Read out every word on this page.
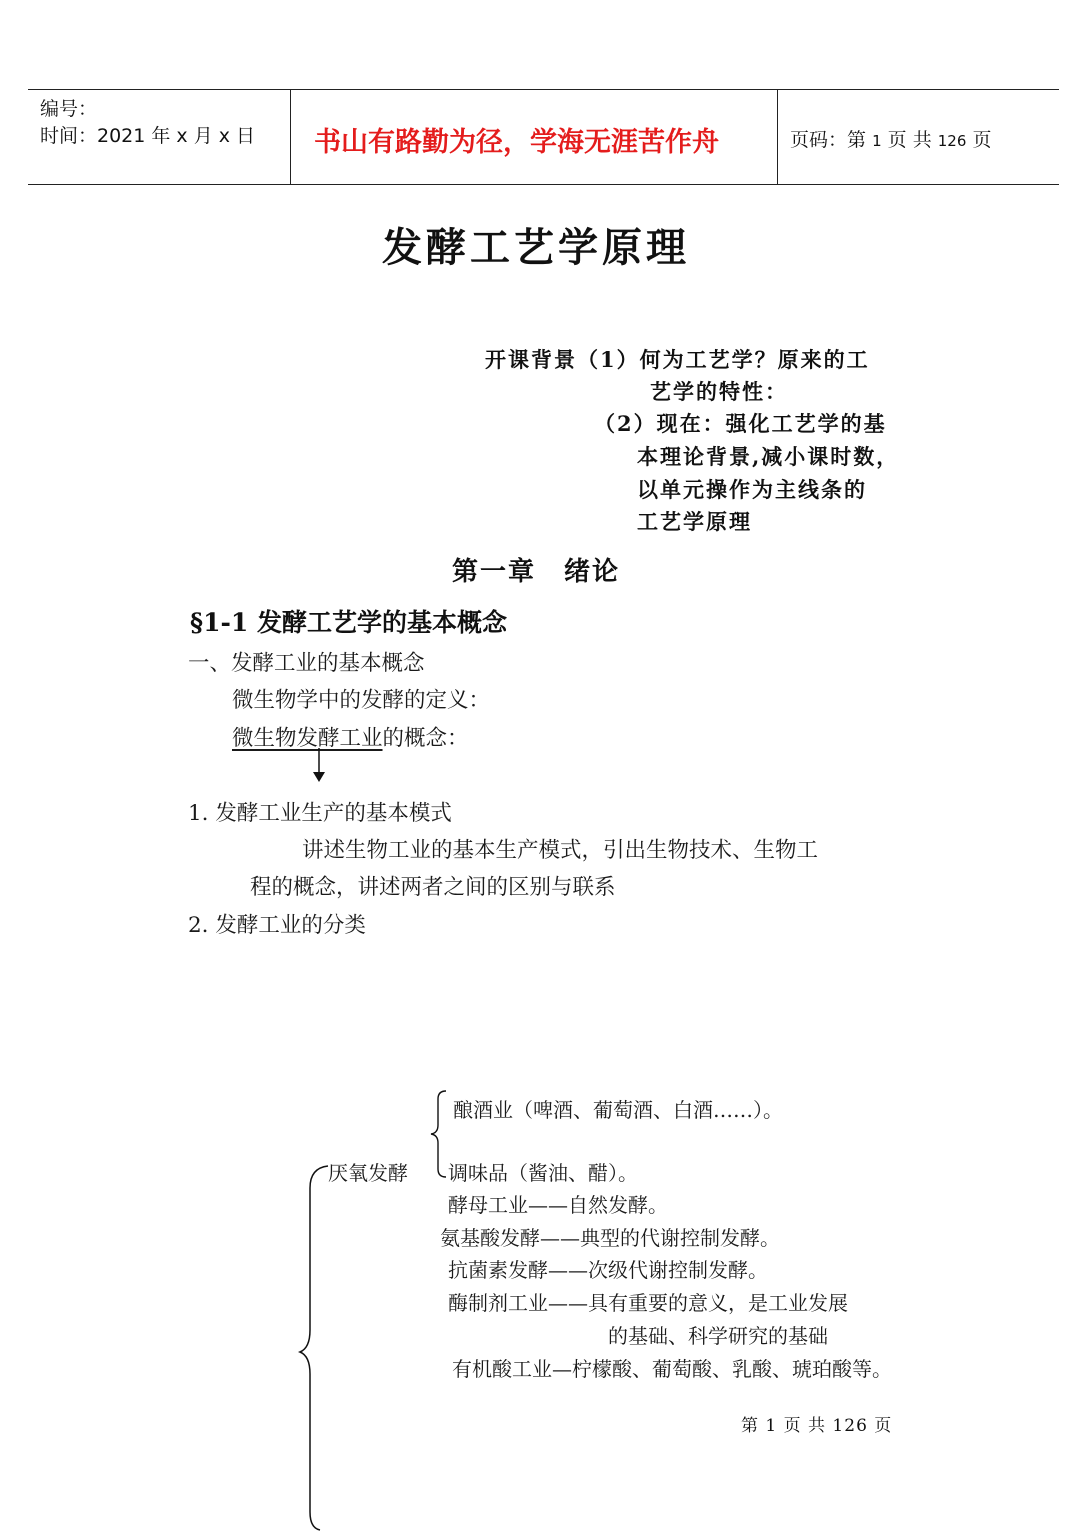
编号：
时间：2021 年 x 月 x 日 书山有路勤为径，学海无涯苦作舟	页码：第 1 页 共 126 页
发酵工艺学原理
开课背景（1）何为工艺学？原来的工
艺学的特性：
（2）现在：强化工艺学的基
本理论背景,减小课时数，
以单元操作为主线条的
工艺学原理
第一章　绪论
§1-1 发酵工艺学的基本概念
一、发酵工业的基本概念
微生物学中的发酵的定义：
微生物发酵工业的概念：
1. 发酵工业生产的基本模式
讲述生物工业的基本生产模式，引出生物技术、生物工
程的概念，讲述两者之间的区别与联系
2. 发酵工业的分类
酿酒业（啤酒、葡萄酒、白酒……）。
厌氧发酵 调味品（酱油、醋）。
酵母工业——自然发酵。
氨基酸发酵——典型的代谢控制发酵。
抗菌素发酵——次级代谢控制发酵。
酶制剂工业——具有重要的意义，是工业发展
的基础、科学研究的基础
有机酸工业—柠檬酸、葡萄酸、乳酸、琥珀酸等。
第 1 页 共 126 页
